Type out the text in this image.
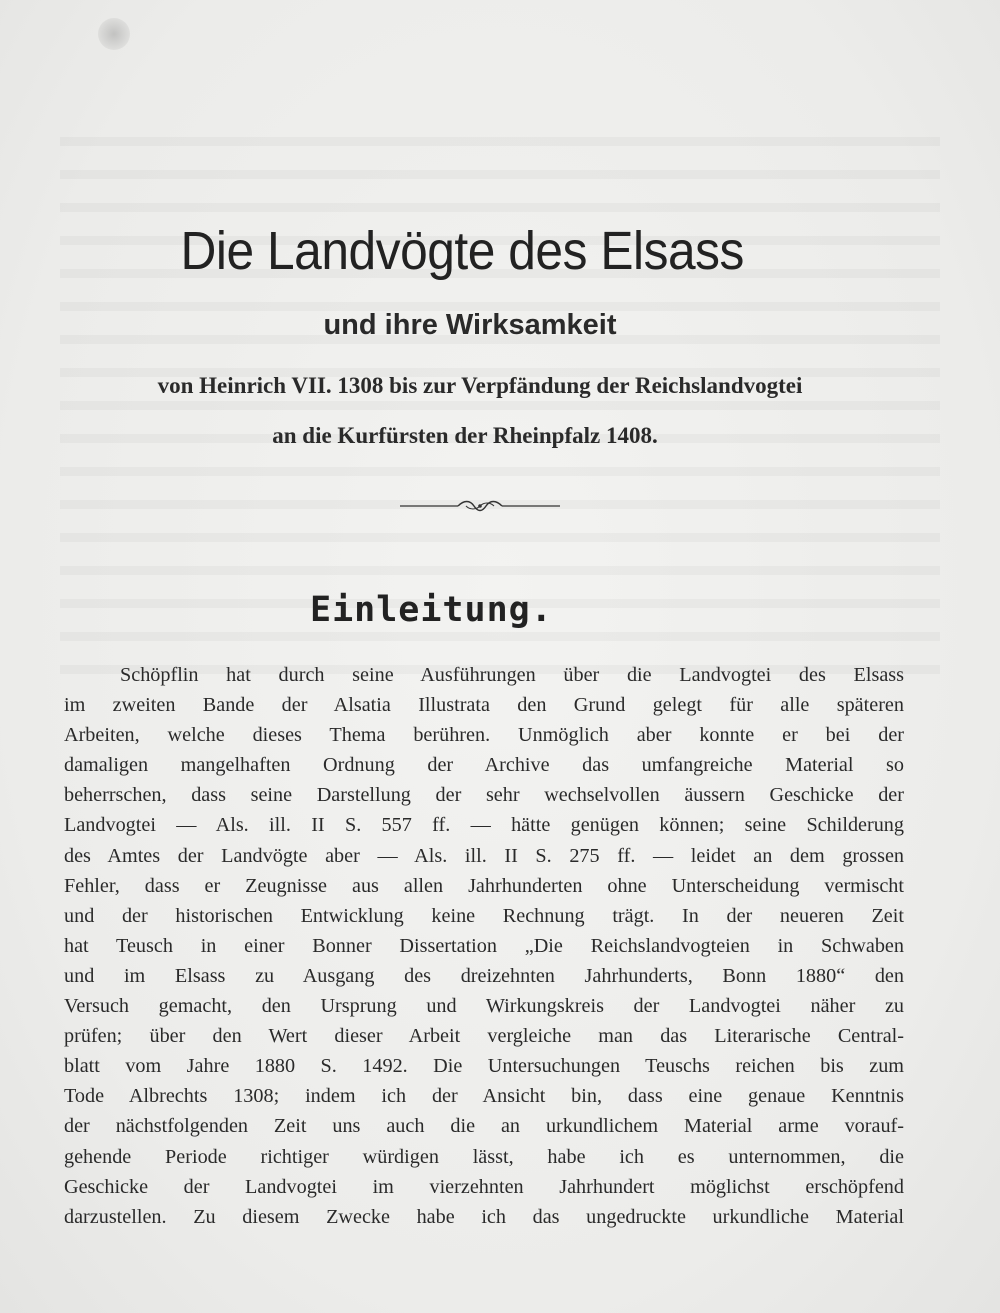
Die Landvögte des Elsass
und ihre Wirksamkeit
von Heinrich VII. 1308 bis zur Verpfändung der Reichslandvogtei
an die Kurfürsten der Rheinpfalz 1408.
Einleitung.
Schöpflin hat durch seine Ausführungen über die Landvogtei des Elsass
im zweiten Bande der Alsatia Illustrata den Grund gelegt für alle späteren
Arbeiten, welche dieses Thema berühren. Unmöglich aber konnte er bei der
damaligen mangelhaften Ordnung der Archive das umfangreiche Material so
beherrschen, dass seine Darstellung der sehr wechselvollen äussern Geschicke der
Landvogtei — Als. ill. II S. 557 ff. — hätte genügen können; seine Schilderung
des Amtes der Landvögte aber — Als. ill. II S. 275 ff. — leidet an dem grossen
Fehler, dass er Zeugnisse aus allen Jahrhunderten ohne Unterscheidung vermischt
und der historischen Entwicklung keine Rechnung trägt. In der neueren Zeit
hat Teusch in einer Bonner Dissertation „Die Reichslandvogteien in Schwaben
und im Elsass zu Ausgang des dreizehnten Jahrhunderts, Bonn 1880“ den
Versuch gemacht, den Ursprung und Wirkungskreis der Landvogtei näher zu
prüfen; über den Wert dieser Arbeit vergleiche man das Literarische Central-
blatt vom Jahre 1880 S. 1492. Die Untersuchungen Teuschs reichen bis zum
Tode Albrechts 1308; indem ich der Ansicht bin, dass eine genaue Kenntnis
der nächstfolgenden Zeit uns auch die an urkundlichem Material arme vorauf-
gehende Periode richtiger würdigen lässt, habe ich es unternommen, die
Geschicke der Landvogtei im vierzehnten Jahrhundert möglichst erschöpfend
darzustellen. Zu diesem Zwecke habe ich das ungedruckte urkundliche Material
